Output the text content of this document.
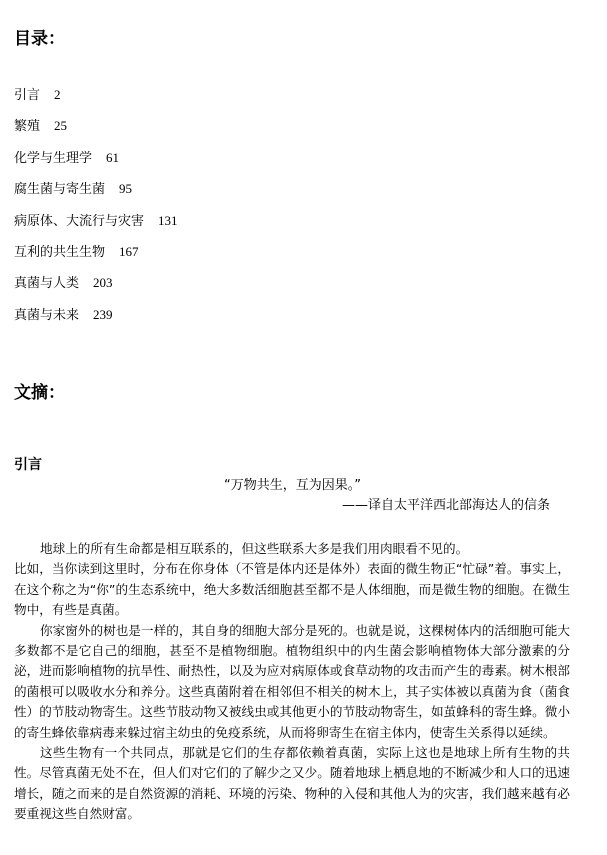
目录：
引言 2
繁殖 25
化学与生理学 61
腐生菌与寄生菌 95
病原体、大流行与灾害 131
互利的共生生物 167
真菌与人类 203
真菌与未来 239
文摘：
引言
“万物共生，互为因果。”
——译自太平洋西北部海达人的信条

地球上的所有生命都是相互联系的，但这些联系大多是我们用肉眼看不见的。

比如，当你读到这里时，分布在你身体（不管是体内还是体外）表面的微生物正“忙碌”着。事实上，在这个称之为“你”的生态系统中，绝大多数活细胞甚至都不是人体细胞，而是微生物的细胞。在微生物中，有些是真菌。

你家窗外的树也是一样的，其自身的细胞大部分是死的。也就是说，这棵树体内的活细胞可能大多数都不是它自己的细胞，甚至不是植物细胞。植物组织中的内生菌会影响植物体大部分激素的分泌，进而影响植物的抗旱性、耐热性，以及为应对病原体或食草动物的攻击而产生的毒素。树木根部的菌根可以吸收水分和养分。这些真菌附着在相邻但不相关的树木上，其子实体被以真菌为食（菌食性）的节肢动物寄生。这些节肢动物又被线虫或其他更小的节肢动物寄生，如茧蜂科的寄生蜂。微小的寄生蜂依靠病毒来躲过宿主幼虫的免疫系统，从而将卵寄生在宿主体内，使寄生关系得以延续。

这些生物有一个共同点，那就是它们的生存都依赖着真菌，实际上这也是地球上所有生物的共性。尽管真菌无处不在，但人们对它们的了解少之又少。随着地球上栖息地的不断减少和人口的迅速增长，随之而来的是自然资源的消耗、环境的污染、物种的入侵和其他人为的灾害，我们越来越有必要重视这些自然财富。
